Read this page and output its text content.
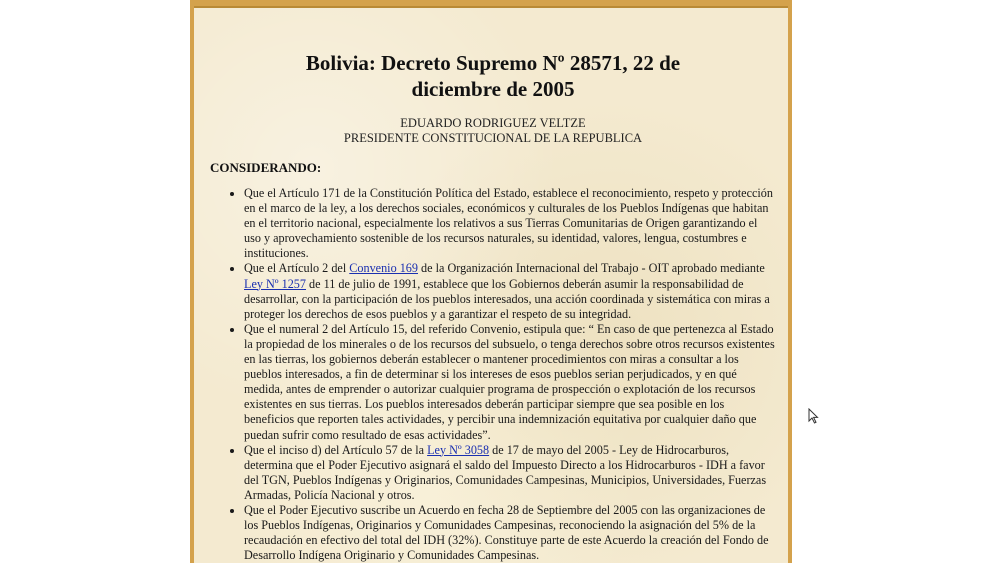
Bolivia: Decreto Supremo Nº 28571, 22 de diciembre de 2005
EDUARDO RODRIGUEZ VELTZE
PRESIDENTE CONSTITUCIONAL DE LA REPUBLICA
CONSIDERANDO:
• Que el Artículo 171 de la Constitución Política del Estado, establece el reconocimiento, respeto y protección en el marco de la ley, a los derechos sociales, económicos y culturales de los Pueblos Indígenas que habitan en el territorio nacional, especialmente los relativos a sus Tierras Comunitarias de Origen garantizando el uso y aprovechamiento sostenible de los recursos naturales, su identidad, valores, lengua, costumbres e instituciones.
• Que el Artículo 2 del Convenio 169 de la Organización Internacional del Trabajo - OIT aprobado mediante Ley Nº 1257 de 11 de julio de 1991, establece que los Gobiernos deberán asumir la responsabilidad de desarrollar, con la participación de los pueblos interesados, una acción coordinada y sistemática con miras a proteger los derechos de esos pueblos y a garantizar el respeto de su integridad.
• Que el numeral 2 del Artículo 15, del referido Convenio, estipula que: “ En caso de que pertenezca al Estado la propiedad de los minerales o de los recursos del subsuelo, o tenga derechos sobre otros recursos existentes en las tierras, los gobiernos deberán establecer o mantener procedimientos con miras a consultar a los pueblos interesados, a fin de determinar si los intereses de esos pueblos serian perjudicados, y en qué medida, antes de emprender o autorizar cualquier programa de prospección o explotación de los recursos existentes en sus tierras. Los pueblos interesados deberán participar siempre que sea posible en los beneficios que reporten tales actividades, y percibir una indemnización equitativa por cualquier daño que puedan sufrir como resultado de esas actividades”.
• Que el inciso d) del Artículo 57 de la Ley Nº 3058 de 17 de mayo del 2005 - Ley de Hidrocarburos, determina que el Poder Ejecutivo asignará el saldo del Impuesto Directo a los Hidrocarburos - IDH a favor del TGN, Pueblos Indígenas y Originarios, Comunidades Campesinas, Municipios, Universidades, Fuerzas Armadas, Policía Nacional y otros.
• Que el Poder Ejecutivo suscribe un Acuerdo en fecha 28 de Septiembre del 2005 con las organizaciones de los Pueblos Indígenas, Originarios y Comunidades Campesinas, reconociendo la asignación del 5% de la recaudación en efectivo del total del IDH (32%). Constituye parte de este Acuerdo la creación del Fondo de Desarrollo Indígena Originario y Comunidades Campesinas.
